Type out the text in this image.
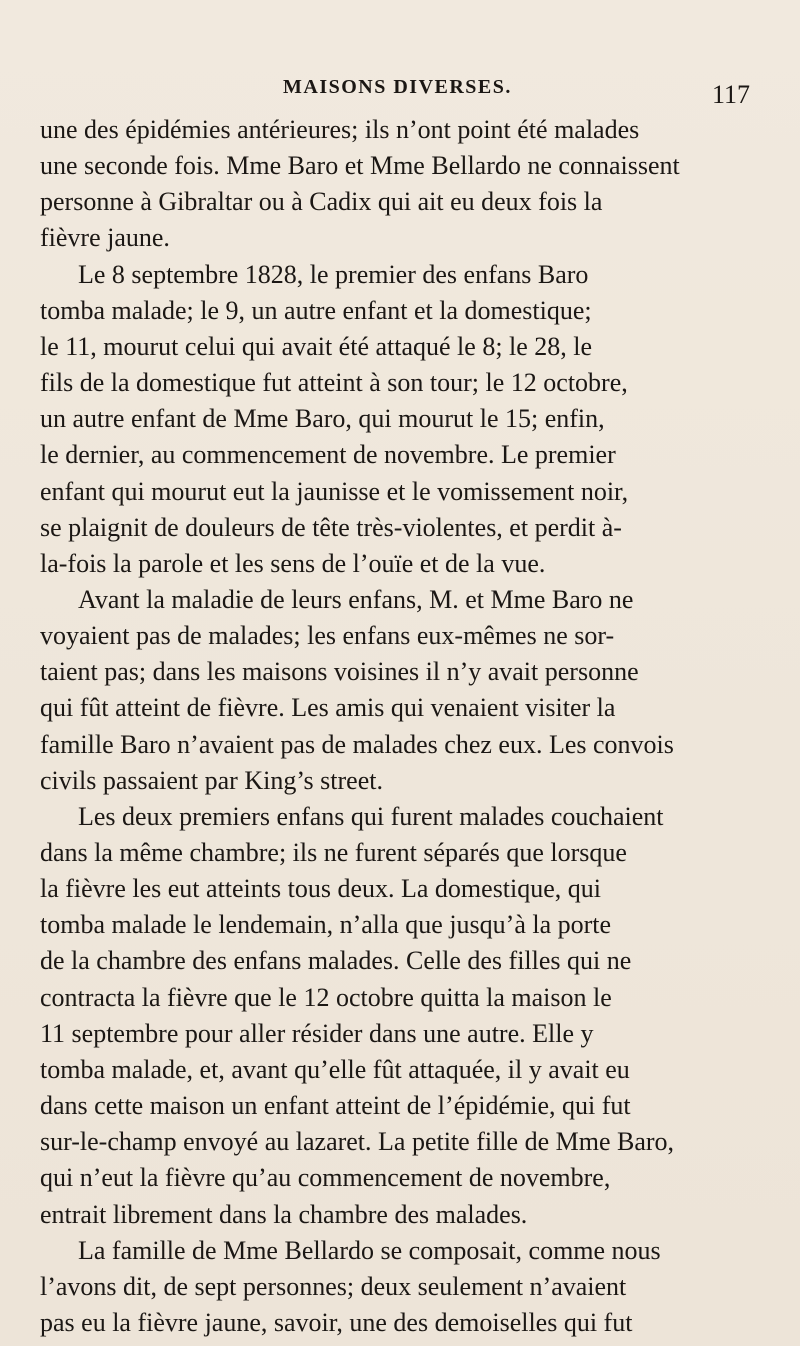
MAISONS DIVERSES.	117
une des épidémies antérieures; ils n’ont point été malades
une seconde fois. Mme Baro et Mme Bellardo ne connaissent
personne à Gibraltar ou à Cadix qui ait eu deux fois la
fièvre jaune.
Le 8 septembre 1828, le premier des enfans Baro
tomba malade; le 9, un autre enfant et la domestique;
le 11, mourut celui qui avait été attaqué le 8; le 28, le
fils de la domestique fut atteint à son tour; le 12 octobre,
un autre enfant de Mme Baro, qui mourut le 15; enfin,
le dernier, au commencement de novembre. Le premier
enfant qui mourut eut la jaunisse et le vomissement noir,
se plaignit de douleurs de tête très-violentes, et perdit à-
la-fois la parole et les sens de l’ouïe et de la vue.
Avant la maladie de leurs enfans, M. et Mme Baro ne
voyaient pas de malades; les enfans eux-mêmes ne sor-
taient pas; dans les maisons voisines il n’y avait personne
qui fût atteint de fièvre. Les amis qui venaient visiter la
famille Baro n’avaient pas de malades chez eux. Les convois
civils passaient par King’s street.
Les deux premiers enfans qui furent malades couchaient
dans la même chambre; ils ne furent séparés que lorsque
la fièvre les eut atteints tous deux. La domestique, qui
tomba malade le lendemain, n’alla que jusqu’à la porte
de la chambre des enfans malades. Celle des filles qui ne
contracta la fièvre que le 12 octobre quitta la maison le
11 septembre pour aller résider dans une autre. Elle y
tomba malade, et, avant qu’elle fût attaquée, il y avait eu
dans cette maison un enfant atteint de l’épidémie, qui fut
sur-le-champ envoyé au lazaret. La petite fille de Mme Baro,
qui n’eut la fièvre qu’au commencement de novembre,
entrait librement dans la chambre des malades.
La famille de Mme Bellardo se composait, comme nous
l’avons dit, de sept personnes; deux seulement n’avaient
pas eu la fièvre jaune, savoir, une des demoiselles qui fut
